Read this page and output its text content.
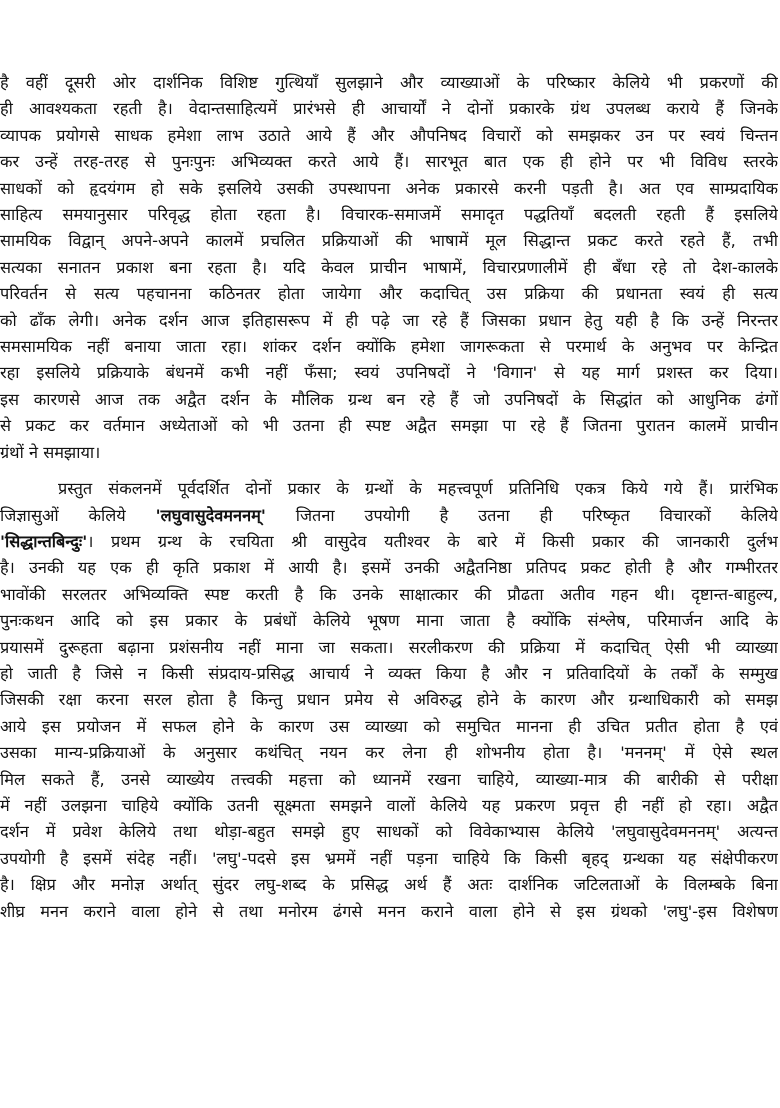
है वहीं दूसरी ओर दार्शनिक विशिष्ट गुत्थियाँ सुलझाने और व्याख्याओं के परिष्कार केलिये भी प्रकरणों की
ही आवश्यकता रहती है। वेदान्तसाहित्यमें प्रारंभसे ही आचार्यों ने दोनों प्रकारके ग्रंथ उपलब्ध कराये हैं जिनके
व्यापक प्रयोगसे साधक हमेशा लाभ उठाते आये हैं और औपनिषद विचारों को समझकर उन पर स्वयं चिन्तन
कर उन्हें तरह-तरह से पुनःपुनः अभिव्यक्त करते आये हैं। सारभूत बात एक ही होने पर भी विविध स्तरके
साधकों को हृदयंगम हो सके इसलिये उसकी उपस्थापना अनेक प्रकारसे करनी पड़ती है। अत एव साम्प्रदायिक
साहित्य समयानुसार परिवृद्ध होता रहता है। विचारक-समाजमें समादृत पद्धतियाँ बदलती रहती हैं इसलिये
सामयिक विद्वान् अपने-अपने कालमें प्रचलित प्रक्रियाओं की भाषामें मूल सिद्धान्त प्रकट करते रहते हैं, तभी
सत्यका सनातन प्रकाश बना रहता है। यदि केवल प्राचीन भाषामें, विचारप्रणालीमें ही बँधा रहे तो देश-कालके
परिवर्तन से सत्य पहचानना कठिनतर होता जायेगा और कदाचित् उस प्रक्रिया की प्रधानता स्वयं ही सत्य
को ढाँक लेगी। अनेक दर्शन आज इतिहासरूप में ही पढ़े जा रहे हैं जिसका प्रधान हेतु यही है कि उन्हें निरन्तर
समसामयिक नहीं बनाया जाता रहा। शांकर दर्शन क्योंकि हमेशा जागरूकता से परमार्थ के अनुभव पर केन्द्रित
रहा इसलिये प्रक्रियाके बंधनमें कभी नहीं फँसा; स्वयं उपनिषदों ने 'विगान' से यह मार्ग प्रशस्त कर दिया।
इस कारणसे आज तक अद्वैत दर्शन के मौलिक ग्रन्थ बन रहे हैं जो उपनिषदों के सिद्धांत को आधुनिक ढंगों
से प्रकट कर वर्तमान अध्येताओं को भी उतना ही स्पष्ट अद्वैत समझा पा रहे हैं जितना पुरातन कालमें प्राचीन
ग्रंथों ने समझाया।
प्रस्तुत संकलनमें पूर्वदर्शित दोनों प्रकार के ग्रन्थों के महत्त्वपूर्ण प्रतिनिधि एकत्र किये गये हैं। प्रारंभिक
जिज्ञासुओं केलिये 'लघुवासुदेवमननम्' जितना उपयोगी है उतना ही परिष्कृत विचारकों केलिये
'सिद्धान्तबिन्दुः'। प्रथम ग्रन्थ के रचयिता श्री वासुदेव यतीश्वर के बारे में किसी प्रकार की जानकारी दुर्लभ
है। उनकी यह एक ही कृति प्रकाश में आयी है। इसमें उनकी अद्वैतनिष्ठा प्रतिपद प्रकट होती है और गम्भीरतर
भावोंकी सरलतर अभिव्यक्ति स्पष्ट करती है कि उनके साक्षात्कार की प्रौढता अतीव गहन थी। दृष्टान्त-बाहुल्य,
पुनःकथन आदि को इस प्रकार के प्रबंधों केलिये भूषण माना जाता है क्योंकि संश्लेष, परिमार्जन आदि के
प्रयासमें दुरूहता बढ़ाना प्रशंसनीय नहीं माना जा सकता। सरलीकरण की प्रक्रिया में कदाचित् ऐसी भी व्याख्या
हो जाती है जिसे न किसी संप्रदाय-प्रसिद्ध आचार्य ने व्यक्त किया है और न प्रतिवादियों के तर्कों के सम्मुख
जिसकी रक्षा करना सरल होता है किन्तु प्रधान प्रमेय से अविरुद्ध होने के कारण और ग्रन्थाधिकारी को समझ
आये इस प्रयोजन में सफल होने के कारण उस व्याख्या को समुचित मानना ही उचित प्रतीत होता है एवं
उसका मान्य-प्रक्रियाओं के अनुसार कथंचित् नयन कर लेना ही शोभनीय होता है। 'मननम्' में ऐसे स्थल
मिल सकते हैं, उनसे व्याख्येय तत्त्वकी महत्ता को ध्यानमें रखना चाहिये, व्याख्या-मात्र की बारीकी से परीक्षा
में नहीं उलझना चाहिये क्योंकि उतनी सूक्ष्मता समझने वालों केलिये यह प्रकरण प्रवृत्त ही नहीं हो रहा। अद्वैत
दर्शन में प्रवेश केलिये तथा थोड़ा-बहुत समझे हुए साधकों को विवेकाभ्यास केलिये 'लघुवासुदेवमननम्' अत्यन्त
उपयोगी है इसमें संदेह नहीं। 'लघु'-पदसे इस भ्रममें नहीं पड़ना चाहिये कि किसी बृहद् ग्रन्थका यह संक्षेपीकरण
है। क्षिप्र और मनोज्ञ अर्थात् सुंदर लघु-शब्द के प्रसिद्ध अर्थ हैं अतः दार्शनिक जटिलताओं के विलम्बके बिना
शीघ्र मनन कराने वाला होने से तथा मनोरम ढंगसे मनन कराने वाला होने से इस ग्रंथको 'लघु'-इस विशेषण
